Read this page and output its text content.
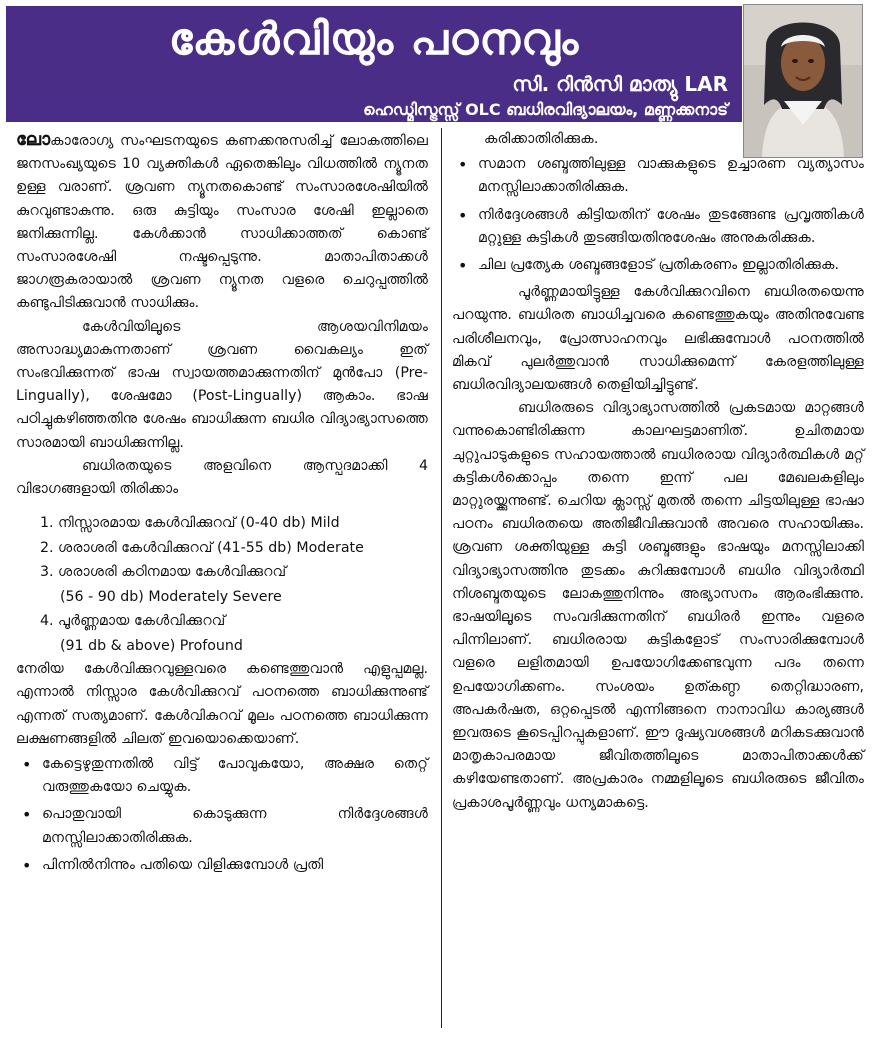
കേൾവിയും പഠനവും
സി. റിൻസി മാത്യു LAR
ഹെഡ്മിസ്ട്രസ്സ് OLC ബധിരവിദ്യാലയം, മണ്ണക്കനാട്

ലോകാരോഗ്യ സംഘടനയുടെ കണക്കനുസരിച്ച് ലോകത്തിലെ ജനസംഖ്യയുടെ 10 വ്യക്തികൾ ഏതെങ്കിലും വിധത്തിൽ ന്യൂനത ഉള്ള വരാണ്. ശ്രവണ ന്യൂനതകൊണ്ട് സംസാരശേഷിയിൽ കുറവുണ്ടാകുന്നു. ഒരു കുട്ടിയും സംസാര ശേഷി ഇല്ലാതെ ജനിക്കുന്നില്ല. കേൾക്കാൻ സാധിക്കാത്തത് കൊണ്ട് സംസാരശേഷി നഷ്ടപ്പെടുന്നു. മാതാപിതാക്കൾ ജാഗരൂകരായാൽ ശ്രവണ ന്യൂനത വളരെ ചെറുപ്പത്തിൽ കണ്ടുപിടിക്കുവാൻ സാധിക്കും.

കേൾവിയിലൂടെ ആശയവിനിമയം അസാദ്ധ്യമാകുന്നതാണ് ശ്രവണ വൈകല്യം ഇത് സംഭവിക്കുന്നത് ഭാഷ സ്വായത്തമാക്കുന്നതിന് മുൻപോ (Pre-Lingually), ശേഷമോ (Post-Lingually) ആകാം. ഭാഷ പഠിച്ചുകഴിഞ്ഞതിനു ശേഷം ബാധിക്കുന്ന ബധിര വിദ്യാഭ്യാസത്തെ സാരമായി ബാധിക്കുന്നില്ല.

ബധിരതയുടെ അളവിനെ ആസ്പദമാക്കി 4 വിഭാഗങ്ങളായി തിരിക്കാം

1. നിസ്സാരമായ കേൾവിക്കുറവ് (0-40 db) Mild
2. ശരാശരി കേൾവിക്കുറവ് (41-55 db) Moderate
3. ശരാശരി കഠിനമായ കേൾവിക്കുറവ്
(56 - 90 db) Moderately Severe
4. പൂർണ്ണമായ കേൾവിക്കുറവ്
(91 db & above) Profound

നേരിയ കേൾവിക്കുറവുള്ളവരെ കണ്ടെത്തുവാൻ എളുപ്പമല്ല. എന്നാൽ നിസ്സാര കേൾവിക്കുറവ് പഠനത്തെ ബാധിക്കുന്നുണ്ട് എന്നത് സത്യമാണ്. കേൾവികുറവ് മൂലം പഠനത്തെ ബാധിക്കുന്ന ലക്ഷണങ്ങളിൽ ചിലത് ഇവയൊക്കെയാണ്.

• കേട്ടെഴുതുന്നതിൽ വിട്ട് പോവുകയോ, അക്ഷര തെറ്റ് വരുത്തുകയോ ചെയ്യുക.
• പൊതുവായി കൊടുക്കുന്ന നിർദ്ദേശങ്ങൾ മനസ്സിലാക്കാതിരിക്കുക.
• പിന്നിൽനിന്നും പതിയെ വിളിക്കുമ്പോൾ പ്രതി

കരിക്കാതിരിക്കുക.

• സമാന ശബ്ദത്തിലുള്ള വാക്കുകളുടെ ഉച്ചാരണ വ്യത്യാസം മനസ്സിലാക്കാതിരിക്കുക.
• നിർദ്ദേശങ്ങൾ കിട്ടിയതിന് ശേഷം തുടങ്ങേണ്ട പ്രവൃത്തികൾ മറ്റുള്ള കുട്ടികൾ തുടങ്ങിയതിനുശേഷം അനുകരിക്കുക.
• ചില പ്രത്യേക ശബ്ദങ്ങളോട് പ്രതികരണം ഇല്ലാതിരിക്കുക.

പൂർണ്ണമായിട്ടുള്ള കേൾവിക്കുറവിനെ ബധിരതയെന്നു പറയുന്നു. ബധിരത ബാധിച്ചവരെ കണ്ടെത്തുകയും അതിനുവേണ്ട പരിശീലനവും, പ്രോത്സാഹനവും ലഭിക്കുമ്പോൾ പഠനത്തിൽ മികവ് പുലർത്തുവാൻ സാധിക്കുമെന്ന് കേരളത്തിലുള്ള ബധിരവിദ്യാലയങ്ങൾ തെളിയിച്ചിട്ടുണ്ട്.

ബധിരരുടെ വിദ്യാഭ്യാസത്തിൽ പ്രകടമായ മാറ്റങ്ങൾ വന്നുകൊണ്ടിരിക്കുന്ന കാലഘട്ടമാണിത്. ഉചിതമായ ചുറ്റുപാടുകളുടെ സഹായത്താൽ ബധിരരായ വിദ്യാർത്ഥികൾ മറ്റ് കുട്ടികൾക്കൊപ്പം തന്നെ ഇന്ന് പല മേഖലകളിലും മാറ്റുരയ്ക്കുന്നുണ്ട്. ചെറിയ ക്ലാസ്സ് മുതൽ തന്നെ ചിട്ടയിലുള്ള ഭാഷാ പഠനം ബധിരതയെ അതിജീവിക്കുവാൻ അവരെ സഹായിക്കും. ശ്രവണ ശക്തിയുള്ള കുട്ടി ശബ്ദങ്ങളും ഭാഷയും മനസ്സിലാക്കി വിദ്യാഭ്യാസത്തിനു തുടക്കം കുറിക്കുമ്പോൾ ബധിര വിദ്യാർത്ഥി നിശബ്ദതയുടെ ലോകത്തുനിന്നും അഭ്യാസനം ആരംഭിക്കുന്നു. ഭാഷയിലൂടെ സംവദിക്കുന്നതിന് ബധിരർ ഇന്നും വളരെ പിന്നിലാണ്. ബധിരരായ കുട്ടികളോട് സംസാരിക്കുമ്പോൾ വളരെ ലളിതമായി ഉപയോഗിക്കേണ്ടവുന്ന പദം തന്നെ ഉപയോഗിക്കണം. സംശയം ഉത്കണ്ഠ തെറ്റിദ്ധാരണ, അപകർഷത, ഒറ്റപ്പെടൽ എന്നിങ്ങനെ നാനാവിധ കാര്യങ്ങൾ ഇവരുടെ കൂടെപ്പിറപ്പുകളാണ്. ഈ ദൂഷ്യവശങ്ങൾ മറികടക്കുവാൻ മാതൃകാപരമായ ജീവിതത്തിലൂടെ മാതാപിതാക്കൾക്ക് കഴിയേണ്ടതാണ്. അപ്രകാരം നമ്മളിലൂടെ ബധിരരുടെ ജീവിതം പ്രകാശപൂർണ്ണവും ധന്യമാകട്ടെ.
